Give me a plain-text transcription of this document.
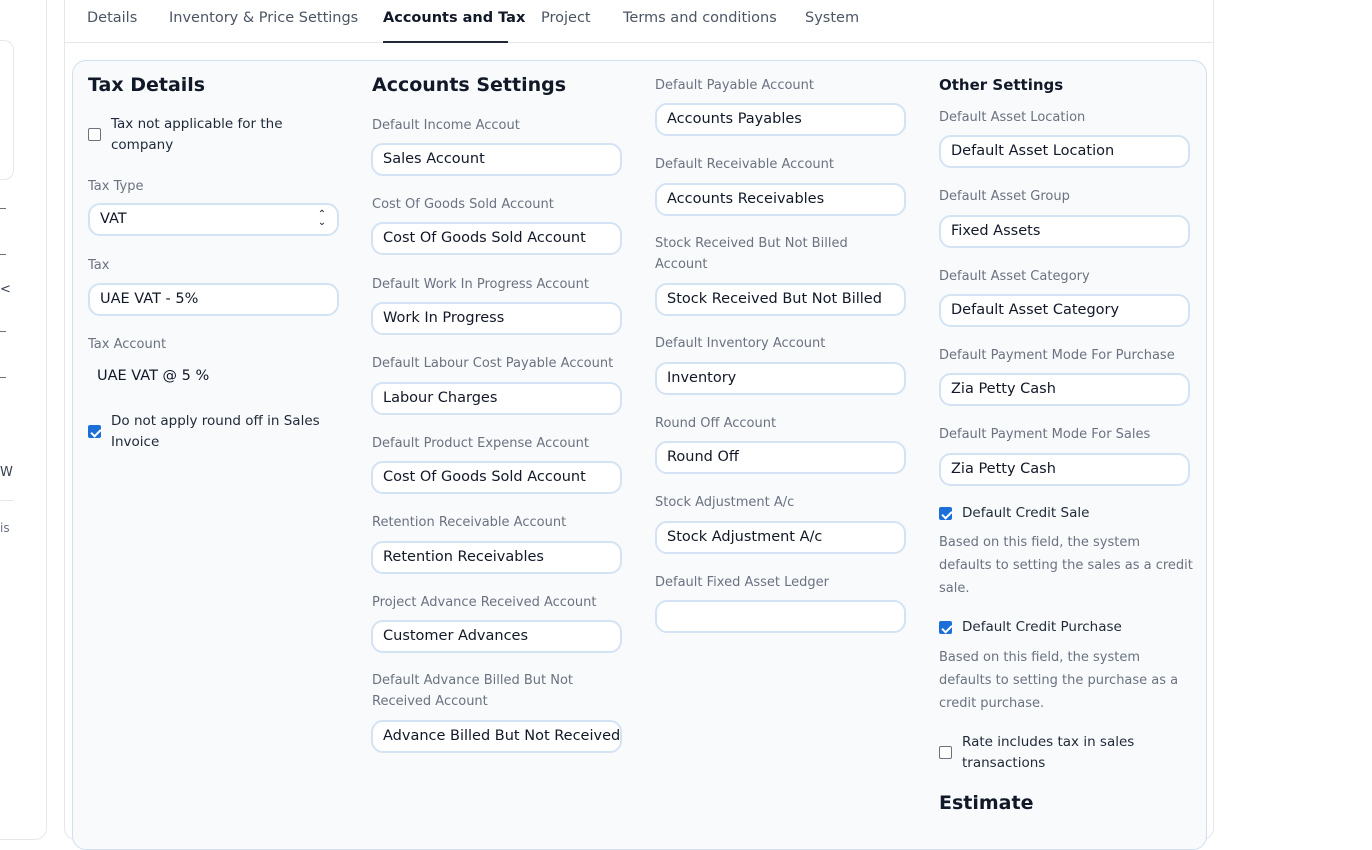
<
W
is
Details Inventory & Price Settings Accounts and Tax Project Terms and conditions System
Tax Details
Tax not applicable for the company
Tax Type
VAT	⌃
⌄
Tax
UAE VAT - 5%
Tax Account
UAE VAT @ 5 %
Do not apply round off in Sales Invoice
Accounts Settings
Default Income Accout
Sales Account
Cost Of Goods Sold Account
Cost Of Goods Sold Account
Default Work In Progress Account
Work In Progress
Default Labour Cost Payable Account
Labour Charges
Default Product Expense Account
Cost Of Goods Sold Account
Retention Receivable Account
Retention Receivables
Project Advance Received Account
Customer Advances
Default Advance Billed But Not Received Account
Advance Billed But Not Received
Default Payable Account
Accounts Payables
Default Receivable Account
Accounts Receivables
Stock Received But Not Billed Account
Stock Received But Not Billed
Default Inventory Account
Inventory
Round Off Account
Round Off
Stock Adjustment A/c
Stock Adjustment A/c
Default Fixed Asset Ledger
Other Settings
Default Asset Location
Default Asset Location
Default Asset Group
Fixed Assets
Default Asset Category
Default Asset Category
Default Payment Mode For Purchase
Zia Petty Cash
Default Payment Mode For Sales
Zia Petty Cash
Default Credit Sale
Based on this field, the system defaults to setting the sales as a credit sale.
Default Credit Purchase
Based on this field, the system defaults to setting the purchase as a credit purchase.
Rate includes tax in sales transactions
Estimate
